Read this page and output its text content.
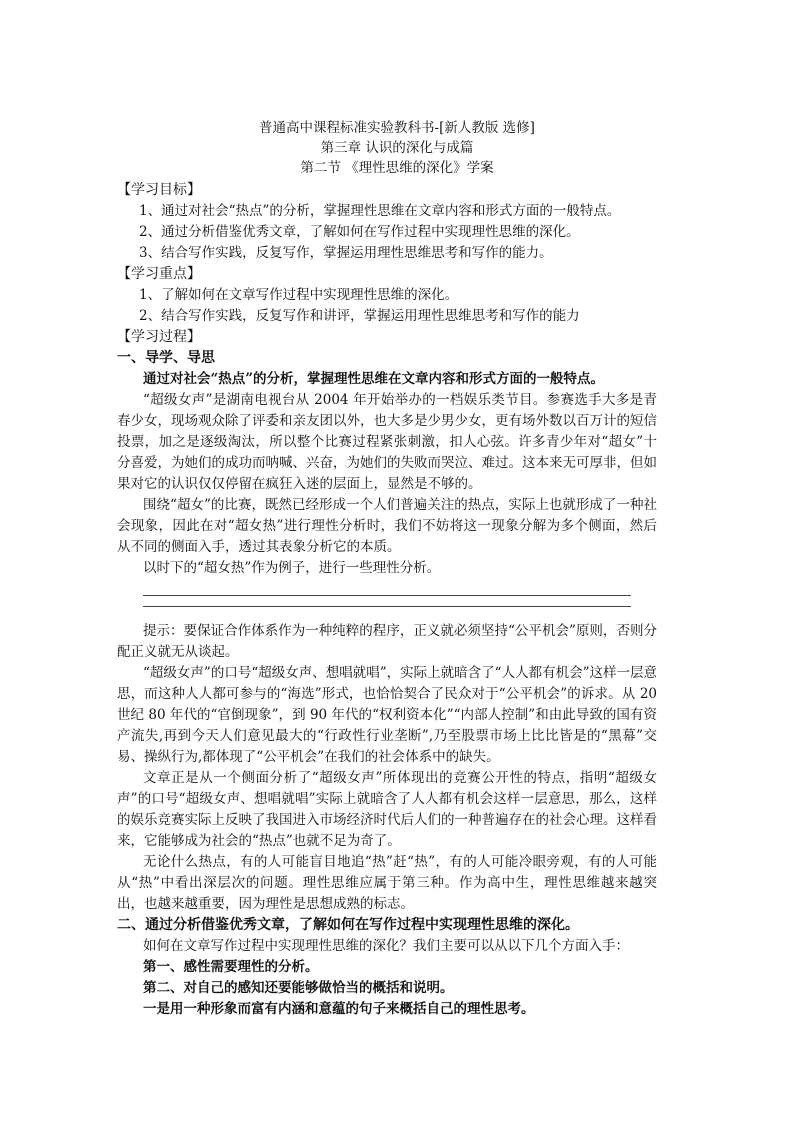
普通高中课程标准实验教科书-[新人教版 选修]
第三章 认识的深化与成篇
第二节 《理性思维的深化》学案

【学习目标】

1、通过对社会“热点”的分析，掌握理性思维在文章内容和形式方面的一般特点。

2、通过分析借鉴优秀文章，了解如何在写作过程中实现理性思维的深化。

3、结合写作实践，反复写作，掌握运用理性思维思考和写作的能力。

【学习重点】

1、了解如何在文章写作过程中实现理性思维的深化。

2、结合写作实践，反复写作和讲评，掌握运用理性思维思考和写作的能力

【学习过程】

一、导学、导思

通过对社会“热点”的分析，掌握理性思维在文章内容和形式方面的一般特点。

“超级女声”是湖南电视台从 2004 年开始举办的一档娱乐类节目。参赛选手大多是青春少女，现场观众除了评委和亲友团以外，也大多是少男少女，更有场外数以百万计的短信投票，加之是逐级淘汰，所以整个比赛过程紧张刺激，扣人心弦。许多青少年对“超女”十分喜爱，为她们的成功而呐喊、兴奋，为她们的失败而哭泣、难过。这本来无可厚非，但如果对它的认识仅仅停留在疯狂入迷的层面上，显然是不够的。

围绕“超女”的比赛，既然已经形成一个人们普遍关注的热点，实际上也就形成了一种社会现象，因此在对“超女热”进行理性分析时，我们不妨将这一现象分解为多个侧面，然后从不同的侧面入手，透过其表象分析它的本质。

以时下的“超女热”作为例子，进行一些理性分析。

提示：要保证合作体系作为一种纯粹的程序，正义就必须坚持“公平机会”原则，否则分配正义就无从谈起。

“超级女声”的口号“超级女声、想唱就唱”，实际上就暗含了“人人都有机会”这样一层意思，而这种人人都可参与的“海选”形式，也恰恰契合了民众对于“公平机会”的诉求。从 20 世纪 80 年代的“官倒现象”，到 90 年代的“权利资本化”“内部人控制”和由此导致的国有资产流失,再到今天人们意见最大的“行政性行业垄断”,乃至股票市场上比比皆是的“黑幕”交易、操纵行为,都体现了“公平机会”在我们的社会体系中的缺失。

文章正是从一个侧面分析了“超级女声”所体现出的竞赛公开性的特点，指明“超级女声”的口号“超级女声、想唱就唱”实际上就暗含了人人都有机会这样一层意思，那么，这样的娱乐竞赛实际上反映了我国进入市场经济时代后人们的一种普遍存在的社会心理。这样看来，它能够成为社会的“热点”也就不足为奇了。

无论什么热点，有的人可能盲目地追“热”赶“热”，有的人可能冷眼旁观，有的人可能从“热”中看出深层次的问题。理性思维应属于第三种。作为高中生，理性思维越来越突出，也越来越重要，因为理性是思想成熟的标志。

二、通过分析借鉴优秀文章，了解如何在写作过程中实现理性思维的深化。

如何在文章写作过程中实现理性思维的深化？我们主要可以从以下几个方面入手：

第一、感性需要理性的分析。

第二、对自己的感知还要能够做恰当的概括和说明。

一是用一种形象而富有内涵和意蕴的句子来概括自己的理性思考。
